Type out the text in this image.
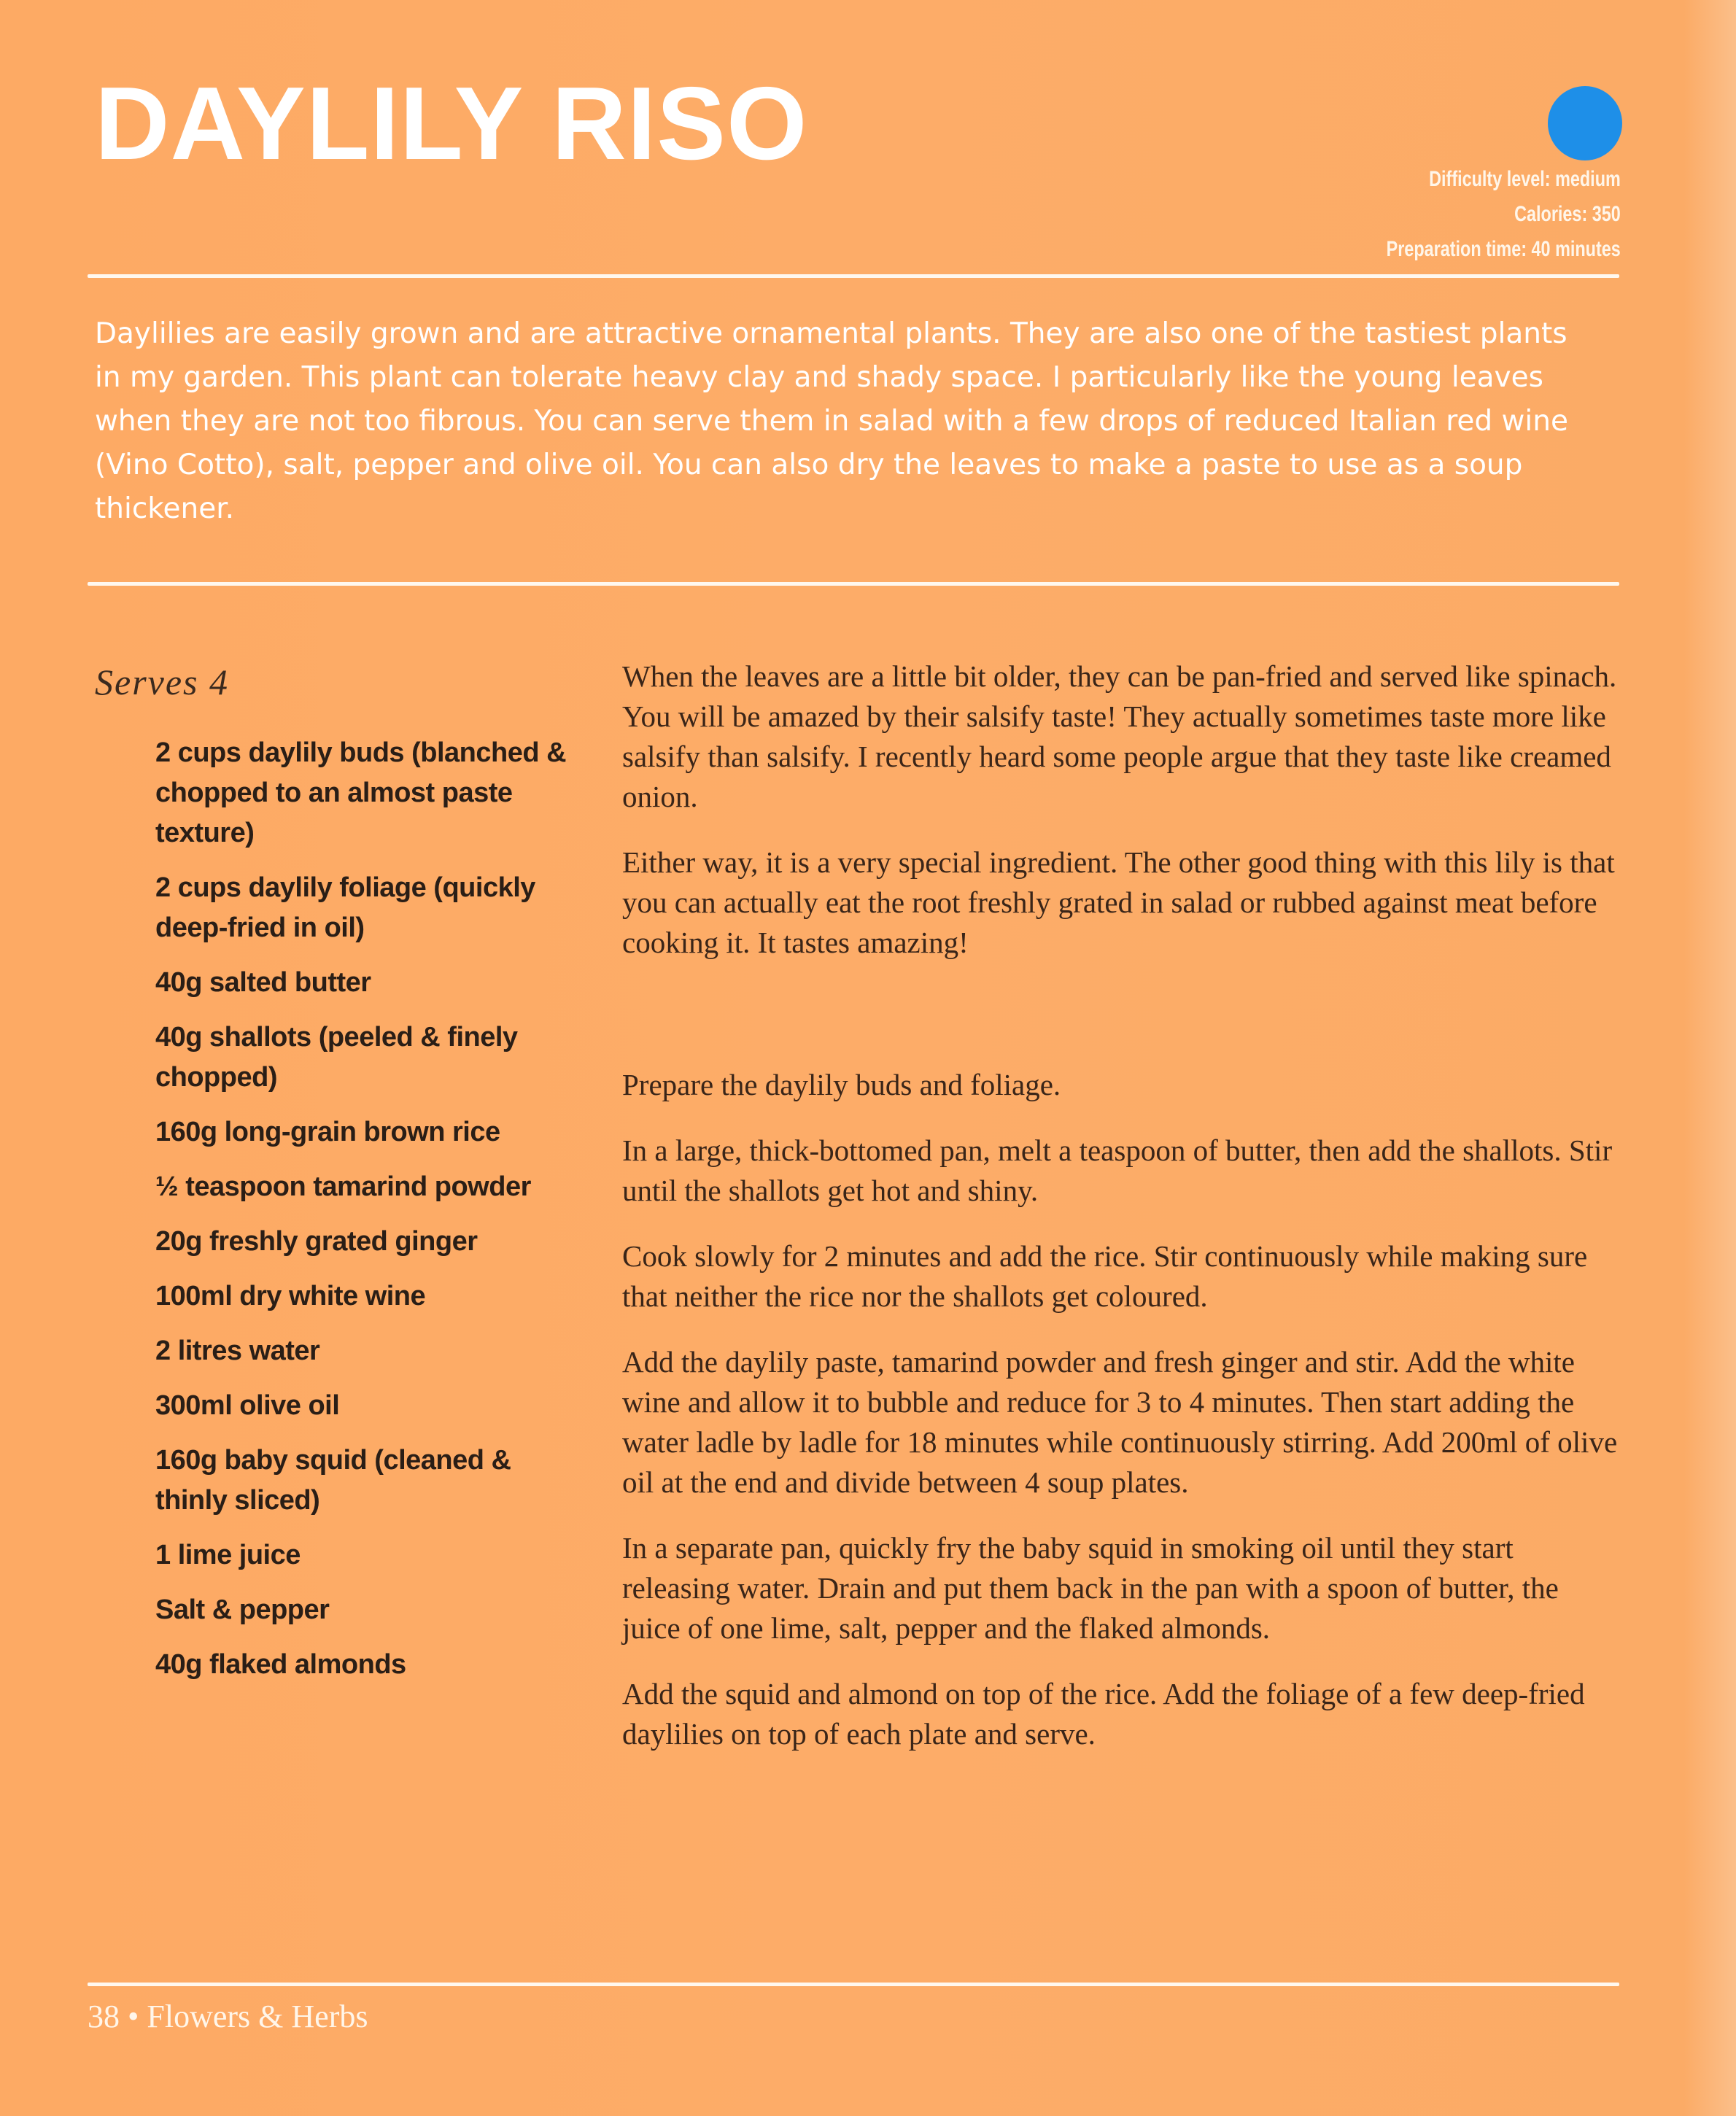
DAYLILY RISO	Difficulty level: medium
Calories: 350
Preparation time: 40 minutes

Daylilies are easily grown and are attractive ornamental plants. They are also one of the tastiest plants in my garden. This plant can tolerate heavy clay and shady space. I particularly like the young leaves when they are not too fibrous. You can serve them in salad with a few drops of reduced Italian red wine (Vino Cotto), salt, pepper and olive oil. You can also dry the leaves to make a paste to use as a soup thickener.

Serves 4
2 cups daylily buds (blanched & chopped to an almost paste texture)
2 cups daylily foliage (quickly deep-fried in oil)
40g salted butter
40g shallots (peeled & finely chopped)
160g long-grain brown rice
½ teaspoon tamarind powder
20g freshly grated ginger
100ml dry white wine
2 litres water
300ml olive oil
160g baby squid (cleaned & thinly sliced)
1 lime juice
Salt & pepper
40g flaked almonds

When the leaves are a little bit older, they can be pan-fried and served like spinach. You will be amazed by their salsify taste! They actually sometimes taste more like salsify than salsify. I recently heard some people argue that they taste like creamed onion.

Either way, it is a very special ingredient. The other good thing with this lily is that you can actually eat the root freshly grated in salad or rubbed against meat before cooking it. It tastes amazing!

Prepare the daylily buds and foliage.

In a large, thick-bottomed pan, melt a teaspoon of butter, then add the shallots. Stir until the shallots get hot and shiny.

Cook slowly for 2 minutes and add the rice. Stir continuously while making sure that neither the rice nor the shallots get coloured.

Add the daylily paste, tamarind powder and fresh ginger and stir. Add the white wine and allow it to bubble and reduce for 3 to 4 minutes. Then start adding the water ladle by ladle for 18 minutes while continuously stirring. Add 200ml of olive oil at the end and divide between 4 soup plates.

In a separate pan, quickly fry the baby squid in smoking oil until they start releasing water. Drain and put them back in the pan with a spoon of butter, the juice of one lime, salt, pepper and the flaked almonds.

Add the squid and almond on top of the rice. Add the foliage of a few deep-fried daylilies on top of each plate and serve.

38 • Flowers & Herbs
